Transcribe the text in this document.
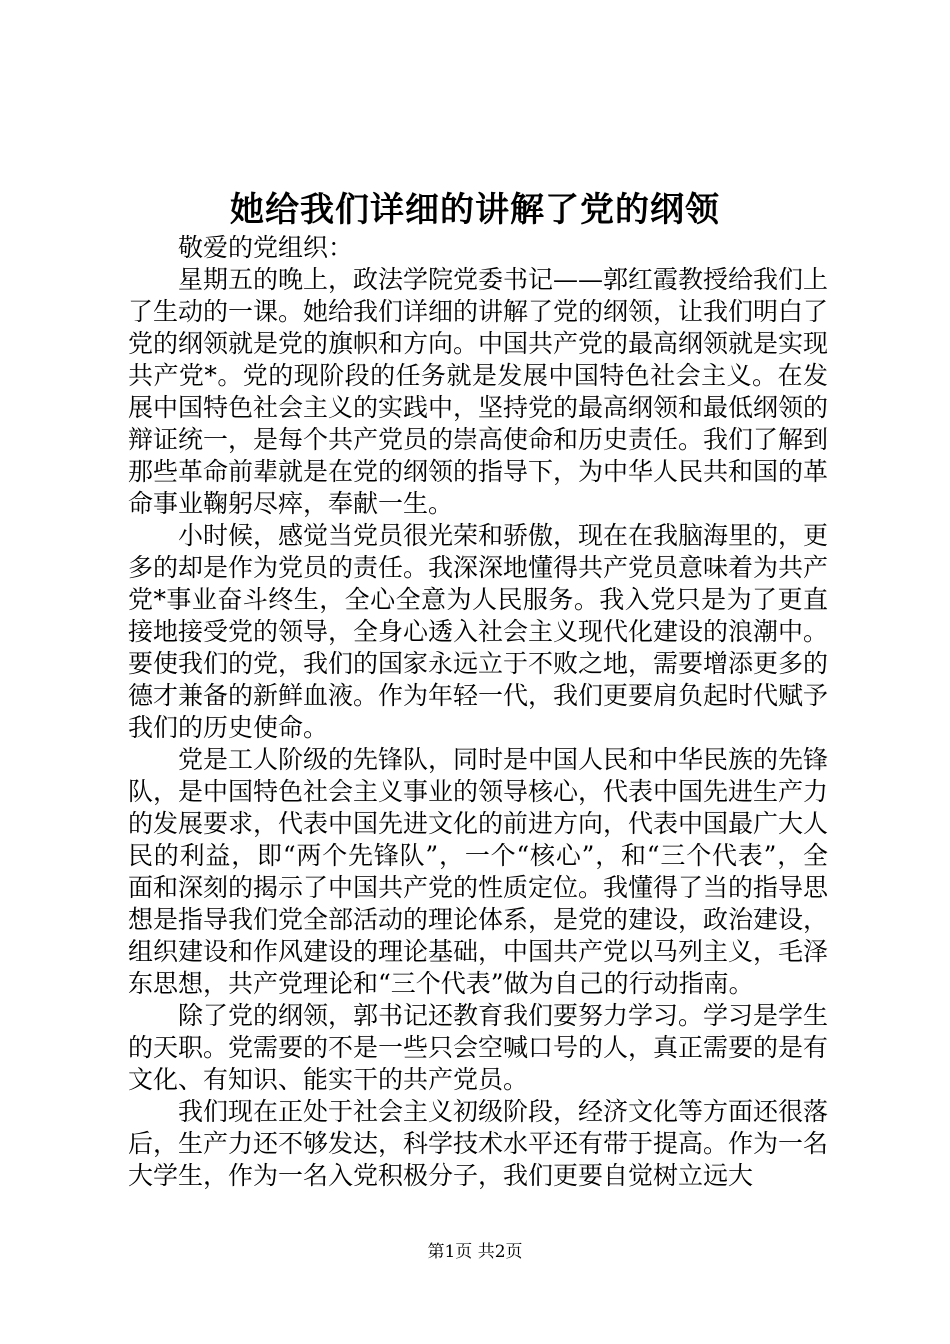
她给我们详细的讲解了党的纲领

敬爱的党组织：

星期五的晚上，政法学院党委书记——郭红霞教授给我们上了生动的一课。她给我们详细的讲解了党的纲领，让我们明白了党的纲领就是党的旗帜和方向。中国共产党的最高纲领就是实现共产党*。党的现阶段的任务就是发展中国特色社会主义。在发展中国特色社会主义的实践中，坚持党的最高纲领和最低纲领的辩证统一，是每个共产党员的崇高使命和历史责任。我们了解到那些革命前辈就是在党的纲领的指导下，为中华人民共和国的革命事业鞠躬尽瘁，奉献一生。

小时候，感觉当党员很光荣和骄傲，现在在我脑海里的，更多的却是作为党员的责任。我深深地懂得共产党员意味着为共产党*事业奋斗终生，全心全意为人民服务。我入党只是为了更直接地接受党的领导，全身心透入社会主义现代化建设的浪潮中。要使我们的党，我们的国家永远立于不败之地，需要增添更多的德才兼备的新鲜血液。作为年轻一代，我们更要肩负起时代赋予我们的历史使命。

党是工人阶级的先锋队，同时是中国人民和中华民族的先锋队，是中国特色社会主义事业的领导核心，代表中国先进生产力的发展要求，代表中国先进文化的前进方向，代表中国最广大人民的利益，即“两个先锋队”，一个“核心”，和“三个代表”，全面和深刻的揭示了中国共产党的性质定位。我懂得了当的指导思想是指导我们党全部活动的理论体系，是党的建设，政治建设，组织建设和作风建设的理论基础，中国共产党以马列主义，毛泽东思想，共产党理论和“三个代表”做为自己的行动指南。

除了党的纲领，郭书记还教育我们要努力学习。学习是学生的天职。党需要的不是一些只会空喊口号的人，真正需要的是有文化、有知识、能实干的共产党员。

我们现在正处于社会主义初级阶段，经济文化等方面还很落后，生产力还不够发达，科学技术水平还有带于提高。作为一名大学生，作为一名入党积极分子，我们更要自觉树立远大

第1页 共2页
